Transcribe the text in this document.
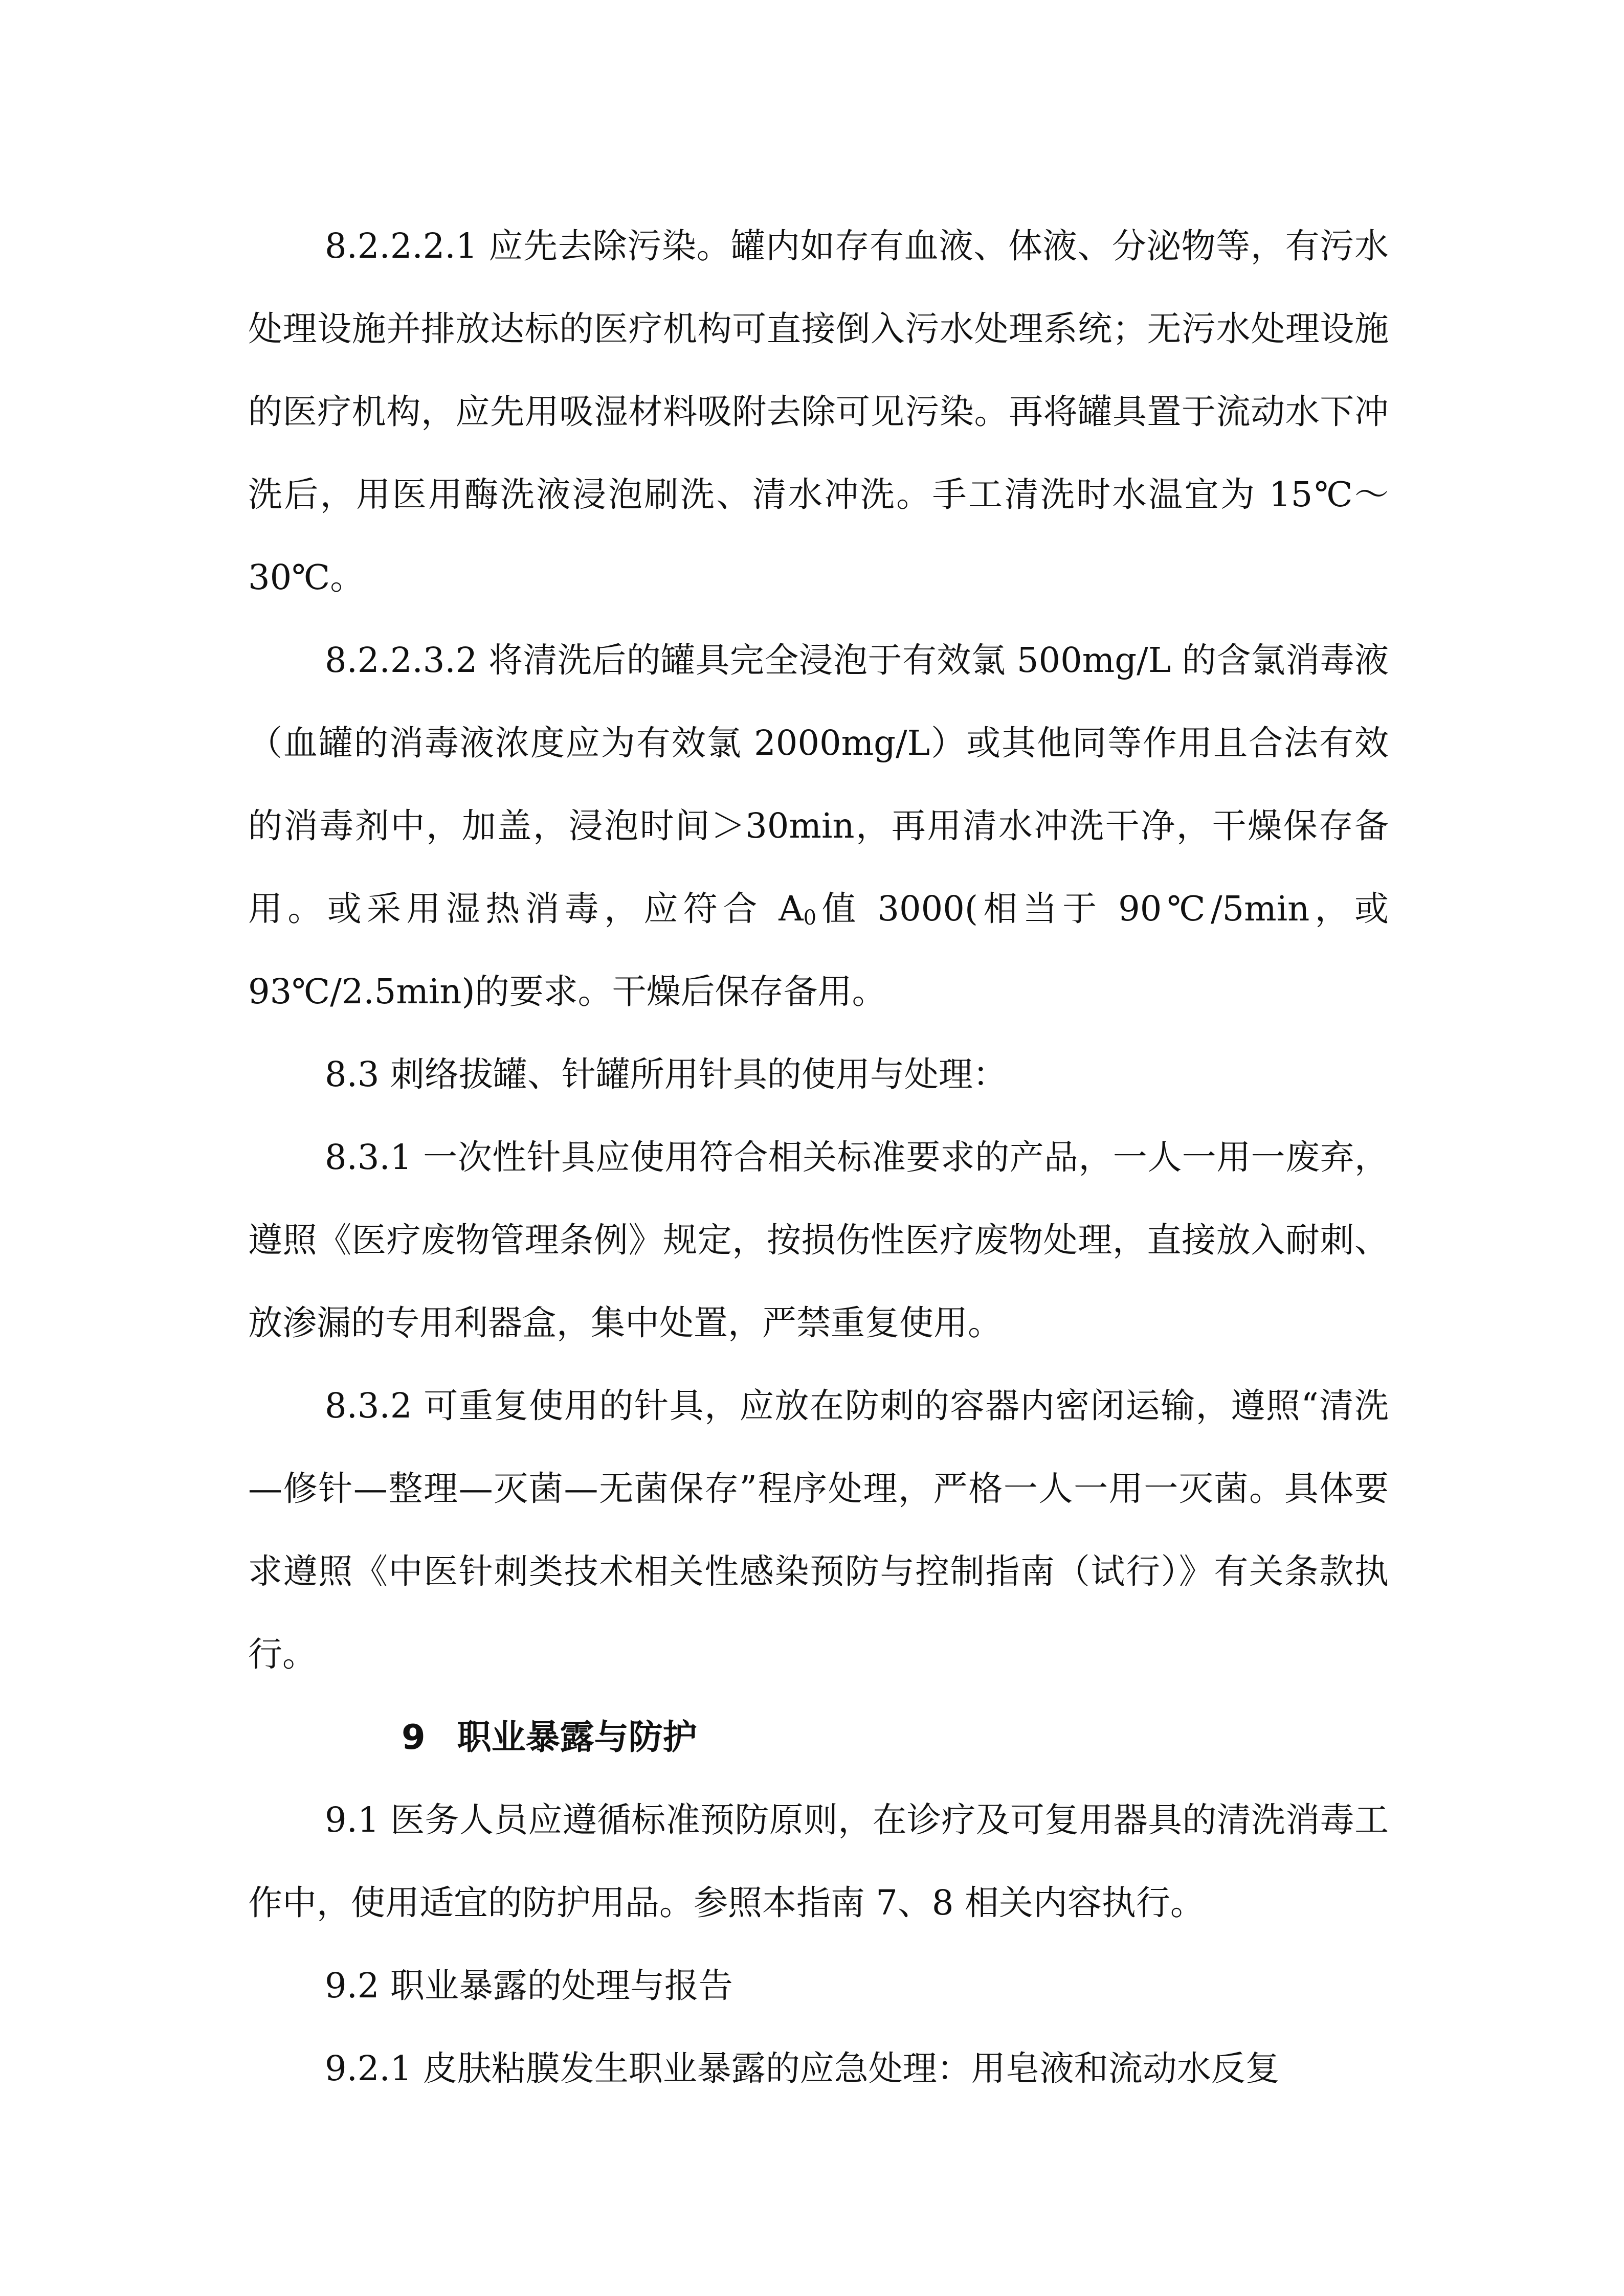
8.2.2.2.1 应先去除污染。罐内如存有血液、体液、分泌物等，有污水处理设施并排放达标的医疗机构可直接倒入污水处理系统；无污水处理设施的医疗机构，应先用吸湿材料吸附去除可见污染。再将罐具置于流动水下冲洗后，用医用酶洗液浸泡刷洗、清水冲洗。手工清洗时水温宜为 15℃～30℃。

8.2.2.3.2 将清洗后的罐具完全浸泡于有效氯 500mg/L 的含氯消毒液（血罐的消毒液浓度应为有效氯 2000mg/L）或其他同等作用且合法有效的消毒剂中，加盖，浸泡时间＞30min，再用清水冲洗干净，干燥保存备用。或采用湿热消毒，应符合 $A_0$值 3000(相当于 90℃/5min，或 93℃/2.5min)的要求。干燥后保存备用。

8.3 刺络拔罐、针罐所用针具的使用与处理：

8.3.1 一次性针具应使用符合相关标准要求的产品，一人一用一废弃，遵照《医疗废物管理条例》规定，按损伤性医疗废物处理，直接放入耐刺、放渗漏的专用利器盒，集中处置，严禁重复使用。

8.3.2 可重复使用的针具，应放在防刺的容器内密闭运输，遵照“清洗—修针—整理—灭菌—无菌保存”程序处理，严格一人一用一灭菌。具体要求遵照《中医针刺类技术相关性感染预防与控制指南（试行）》有关条款执行。

9 职业暴露与防护

9.1 医务人员应遵循标准预防原则，在诊疗及可复用器具的清洗消毒工作中，使用适宜的防护用品。参照本指南 7、8 相关内容执行。

9.2 职业暴露的处理与报告

9.2.1 皮肤粘膜发生职业暴露的应急处理：用皂液和流动水反复
